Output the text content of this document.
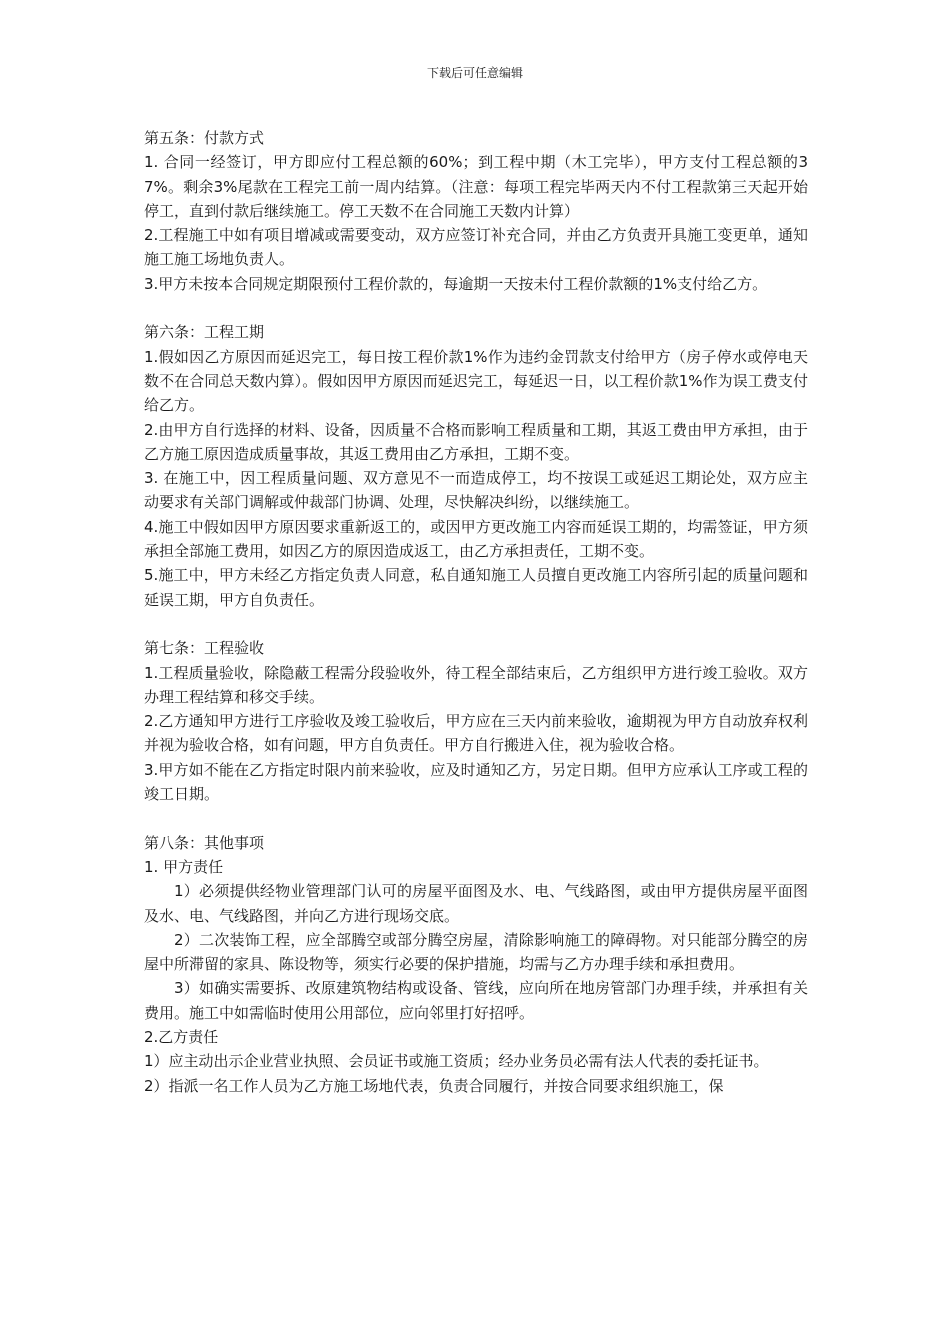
下载后可任意编辑

第五条：付款方式

1. 合同一经签订，甲方即应付工程总额的60%；到工程中期（木工完毕），甲方支付工程总额的37%。剩余3%尾款在工程完工前一周内结算。（注意：每项工程完毕两天内不付工程款第三天起开始停工，直到付款后继续施工。停工天数不在合同施工天数内计算）

2.工程施工中如有项目增减或需要变动，双方应签订补充合同，并由乙方负责开具施工变更单，通知施工施工场地负责人。

3.甲方未按本合同规定期限预付工程价款的，每逾期一天按未付工程价款额的1%支付给乙方。

第六条：工程工期

1.假如因乙方原因而延迟完工，每日按工程价款1%作为违约金罚款支付给甲方（房子停水或停电天数不在合同总天数内算）。假如因甲方原因而延迟完工，每延迟一日，以工程价款1%作为误工费支付给乙方。

2.由甲方自行选择的材料、设备，因质量不合格而影响工程质量和工期，其返工费由甲方承担，由于乙方施工原因造成质量事故，其返工费用由乙方承担，工期不变。

3. 在施工中，因工程质量问题、双方意见不一而造成停工，均不按误工或延迟工期论处，双方应主动要求有关部门调解或仲裁部门协调、处理，尽快解决纠纷，以继续施工。

4.施工中假如因甲方原因要求重新返工的，或因甲方更改施工内容而延误工期的，均需签证，甲方须承担全部施工费用，如因乙方的原因造成返工，由乙方承担责任，工期不变。

5.施工中，甲方未经乙方指定负责人同意，私自通知施工人员擅自更改施工内容所引起的质量问题和延误工期，甲方自负责任。

第七条：工程验收

1.工程质量验收，除隐蔽工程需分段验收外，待工程全部结束后，乙方组织甲方进行竣工验收。双方办理工程结算和移交手续。

2.乙方通知甲方进行工序验收及竣工验收后，甲方应在三天内前来验收，逾期视为甲方自动放弃权利并视为验收合格，如有问题，甲方自负责任。甲方自行搬进入住，视为验收合格。

3.甲方如不能在乙方指定时限内前来验收，应及时通知乙方，另定日期。但甲方应承认工序或工程的竣工日期。

第八条：其他事项

1. 甲方责任

1）必须提供经物业管理部门认可的房屋平面图及水、电、气线路图，或由甲方提供房屋平面图及水、电、气线路图，并向乙方进行现场交底。

2）二次装饰工程，应全部腾空或部分腾空房屋，清除影响施工的障碍物。对只能部分腾空的房屋中所滞留的家具、陈设物等，须实行必要的保护措施，均需与乙方办理手续和承担费用。

3）如确实需要拆、改原建筑物结构或设备、管线，应向所在地房管部门办理手续，并承担有关费用。施工中如需临时使用公用部位，应向邻里打好招呼。

2.乙方责任

1）应主动出示企业营业执照、会员证书或施工资质；经办业务员必需有法人代表的委托证书。

2）指派一名工作人员为乙方施工场地代表，负责合同履行，并按合同要求组织施工，保
